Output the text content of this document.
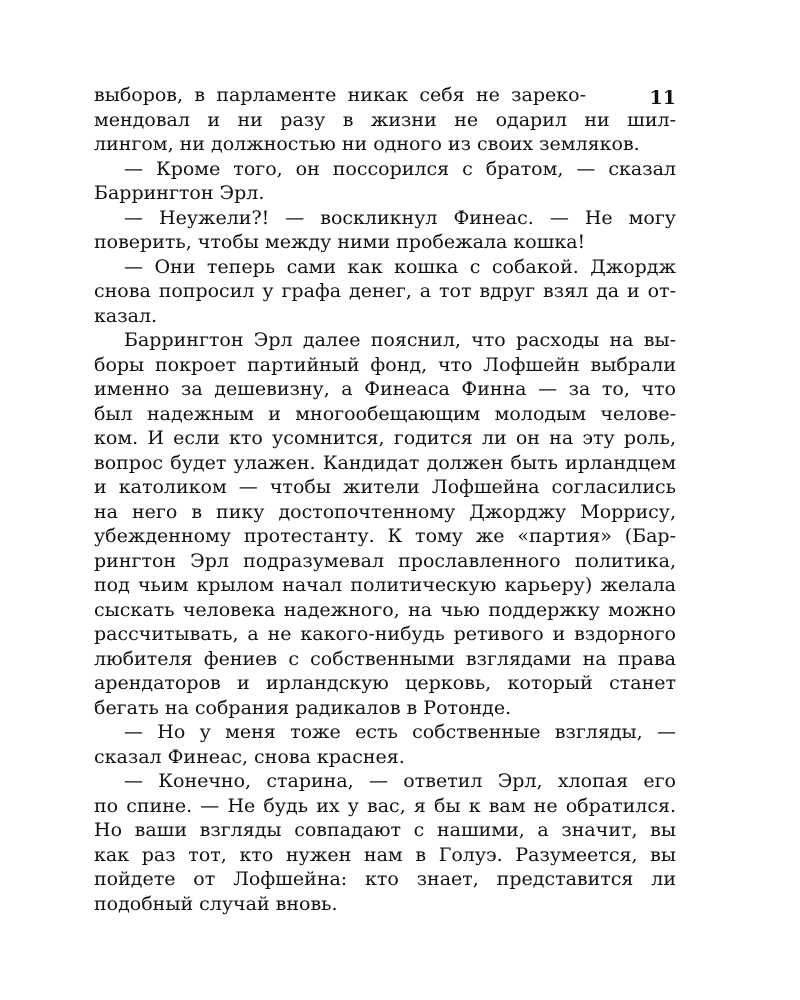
11
выборов, в парламенте никак себя не зареко-
мендовал и ни разу в жизни не одарил ни шил-
лингом, ни должностью ни одного из своих земляков.
— Кроме того, он поссорился с братом, — сказал
Баррингтон Эрл.
— Неужели?! — воскликнул Финеас. — Не могу
поверить, чтобы между ними пробежала кошка!
— Они теперь сами как кошка с собакой. Джордж
снова попросил у графа денег, а тот вдруг взял да и от-
казал.
Баррингтон Эрл далее пояснил, что расходы на вы-
боры покроет партийный фонд, что Лофшейн выбрали
именно за дешевизну, а Финеаса Финна — за то, что
был надежным и многообещающим молодым челове-
ком. И если кто усомнится, годится ли он на эту роль,
вопрос будет улажен. Кандидат должен быть ирландцем
и католиком — чтобы жители Лофшейна согласились
на него в пику достопочтенному Джорджу Моррису,
убежденному протестанту. К тому же «партия» (Бар-
рингтон Эрл подразумевал прославленного политика,
под чьим крылом начал политическую карьеру) желала
сыскать человека надежного, на чью поддержку можно
рассчитывать, а не какого-нибудь ретивого и вздорного
любителя фениев с собственными взглядами на права
арендаторов и ирландскую церковь, который станет
бегать на собрания радикалов в Ротонде.
— Но у меня тоже есть собственные взгляды, —
сказал Финеас, снова краснея.
— Конечно, старина, — ответил Эрл, хлопая его
по спине. — Не будь их у вас, я бы к вам не обратился.
Но ваши взгляды совпадают с нашими, а значит, вы
как раз тот, кто нужен нам в Голуэ. Разумеется, вы
пойдете от Лофшейна: кто знает, представится ли
подобный случай вновь.
